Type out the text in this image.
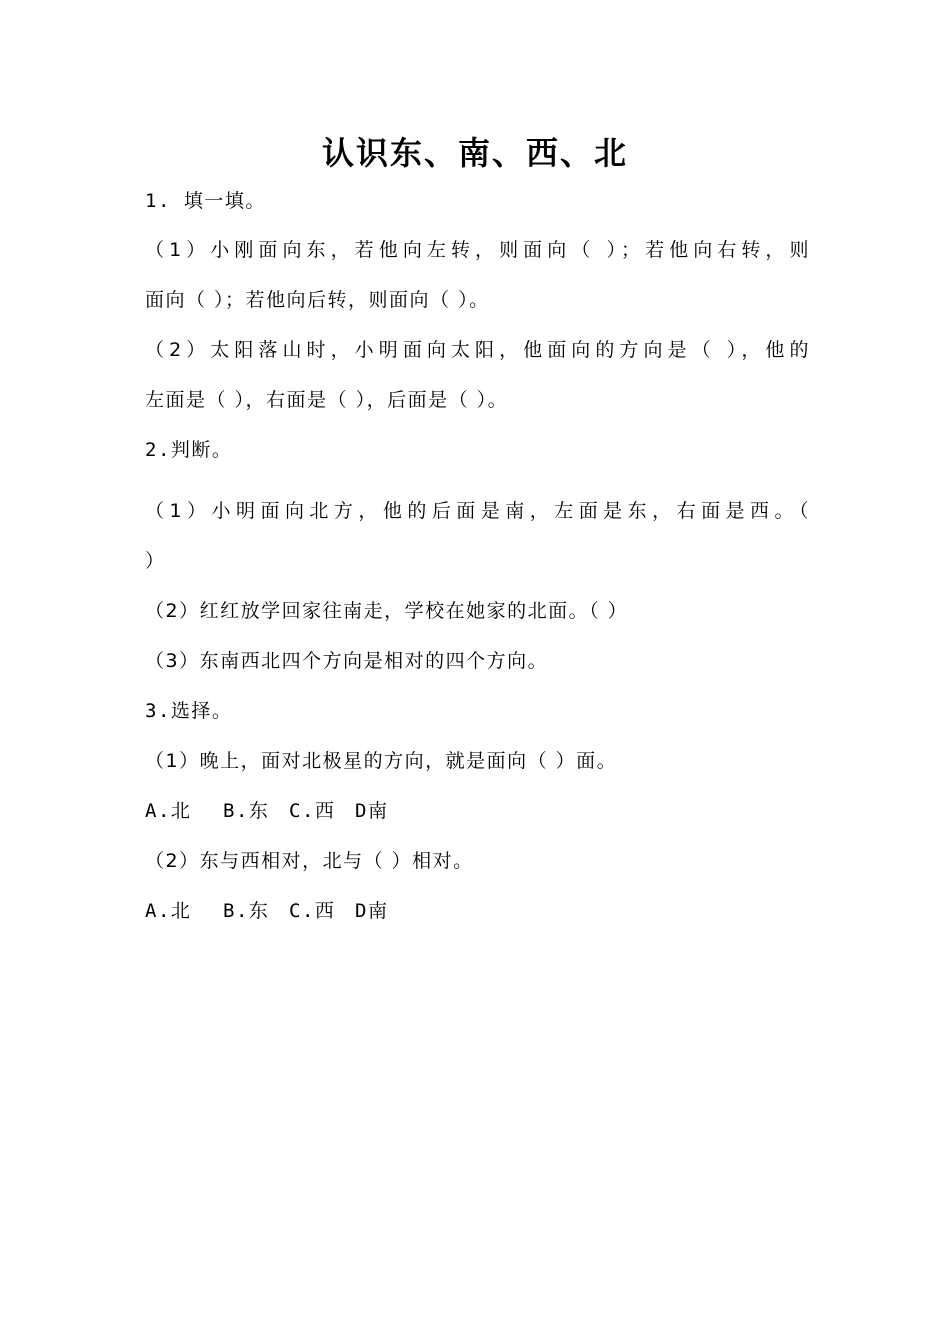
认识东、南、西、北
1. 填一填。
（1）小刚面向东，若他向左转，则面向（ ）；若他向右转，则
面向（ ）；若他向后转，则面向（ ）。
（2）太阳落山时，小明面向太阳，他面向的方向是（ ），他的
左面是（ ），右面是（ ），后面是（ ）。
2.判断。
（1）小明面向北方，他的后面是南，左面是东，右面是西。（
）
（2）红红放学回家往南走，学校在她家的北面。（ ）
（3）东南西北四个方向是相对的四个方向。
3.选择。
（1）晚上，面对北极星的方向，就是面向（ ）面。
A.北 B.东 C.西 D南
（2）东与西相对，北与（ ）相对。
A.北 B.东 C.西 D南
